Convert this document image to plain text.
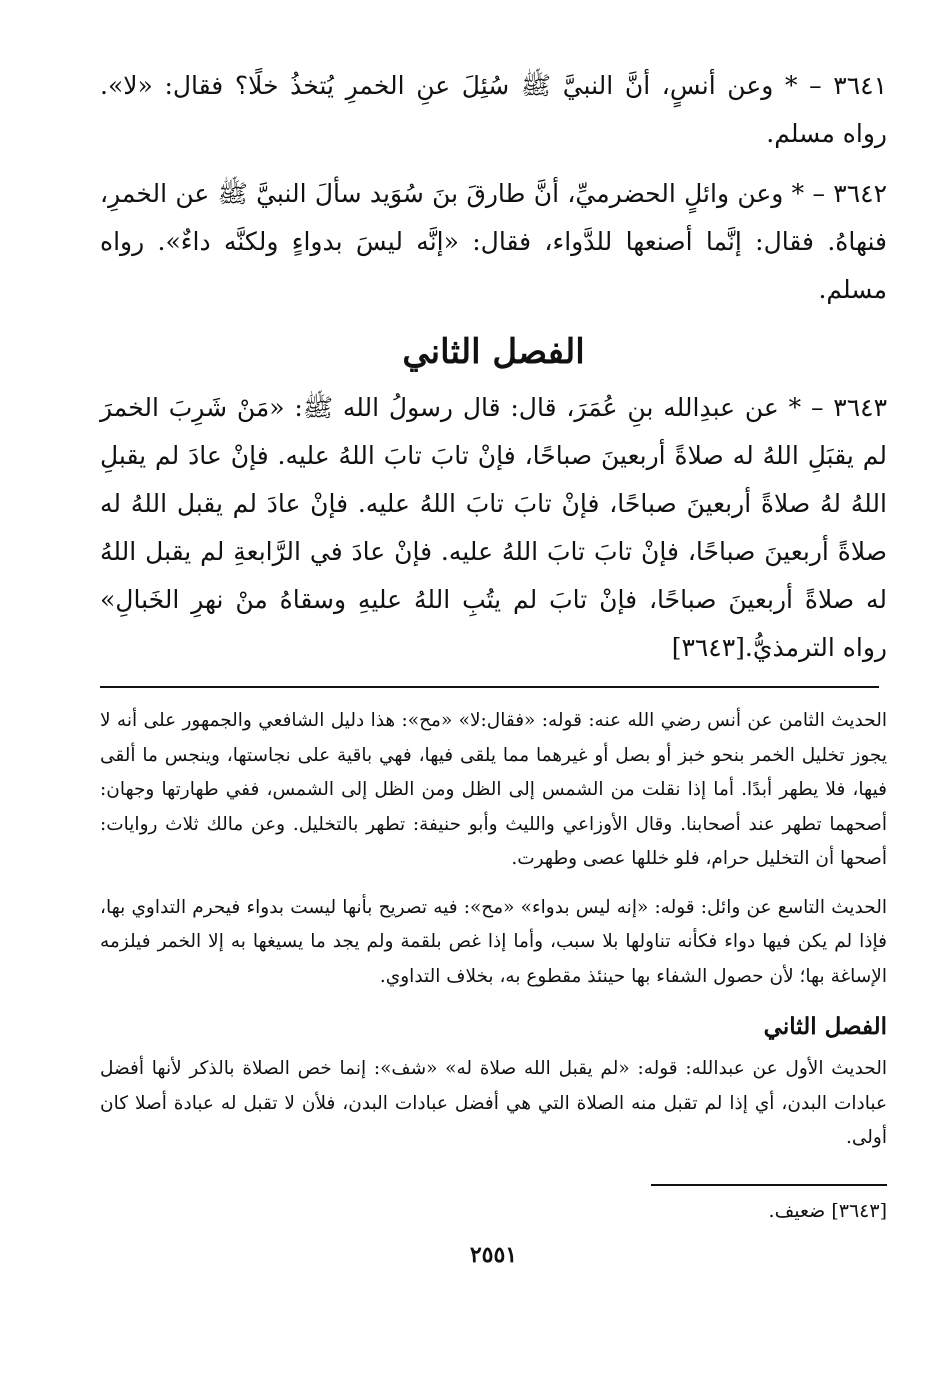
٣٦٤١ – * وعن أنسٍ، أنَّ النبيَّ ﷺ سُئِلَ عنِ الخمرِ يُتخذُ خلًا؟ فقال: «لا». رواه مسلم.

٣٦٤٢ – * وعن وائلٍ الحضرميِّ، أنَّ طارقَ بنَ سُوَيد سألَ النبيَّ ﷺ عن الخمرِ، فنهاهُ. فقال: إنَّما أصنعها للدَّواء، فقال: «إنَّه ليسَ بدواءٍ ولكنَّه داءٌ». رواه مسلم.

الفصل الثاني

٣٦٤٣ – * عن عبدِالله بنِ عُمَرَ، قال: قال رسولُ الله ﷺ: «مَنْ شَرِبَ الخمرَ لم يقبَلِ اللهُ له صلاةً أربعينَ صباحًا، فإنْ تابَ تابَ اللهُ عليه. فإنْ عادَ لم يقبلِ اللهُ لهُ صلاةً أربعينَ صباحًا، فإنْ تابَ تابَ اللهُ عليه. فإنْ عادَ لم يقبل اللهُ له صلاةً أربعينَ صباحًا، فإنْ تابَ تابَ اللهُ عليه. فإنْ عادَ في الرَّابعةِ لم يقبل اللهُ له صلاةً أربعينَ صباحًا، فإنْ تابَ لم يتُبِ اللهُ عليهِ وسقاهُ منْ نهرِ الخَبالِ» رواه الترمذيُّ.[٣٦٤٣]

الحديث الثامن عن أنس رضي الله عنه: قوله: «فقال:لا» «مح»: هذا دليل الشافعي والجمهور على أنه لا يجوز تخليل الخمر بنحو خبز أو بصل أو غيرهما مما يلقى فيها، فهي باقية على نجاستها، وينجس ما ألقى فيها، فلا يطهر أبدًا. أما إذا نقلت من الشمس إلى الظل ومن الظل إلى الشمس، ففي طهارتها وجهان: أصحهما تطهر عند أصحابنا. وقال الأوزاعي والليث وأبو حنيفة: تطهر بالتخليل. وعن مالك ثلاث روايات: أصحها أن التخليل حرام، فلو خللها عصى وطهرت.

الحديث التاسع عن وائل: قوله: «إنه ليس بدواء» «مح»: فيه تصريح بأنها ليست بدواء فيحرم التداوي بها، فإذا لم يكن فيها دواء فكأنه تناولها بلا سبب، وأما إذا غص بلقمة ولم يجد ما يسيغها به إلا الخمر فيلزمه الإساغة بها؛ لأن حصول الشفاء بها حينئذ مقطوع به، بخلاف التداوي.

الفصل الثاني

الحديث الأول عن عبدالله: قوله: «لم يقبل الله صلاة له» «شف»: إنما خص الصلاة بالذكر لأنها أفضل عبادات البدن، أي إذا لم تقبل منه الصلاة التي هي أفضل عبادات البدن، فلأن لا تقبل له عبادة أصلا كان أولى.

[٣٦٤٣] ضعيف.

٢٥٥١
